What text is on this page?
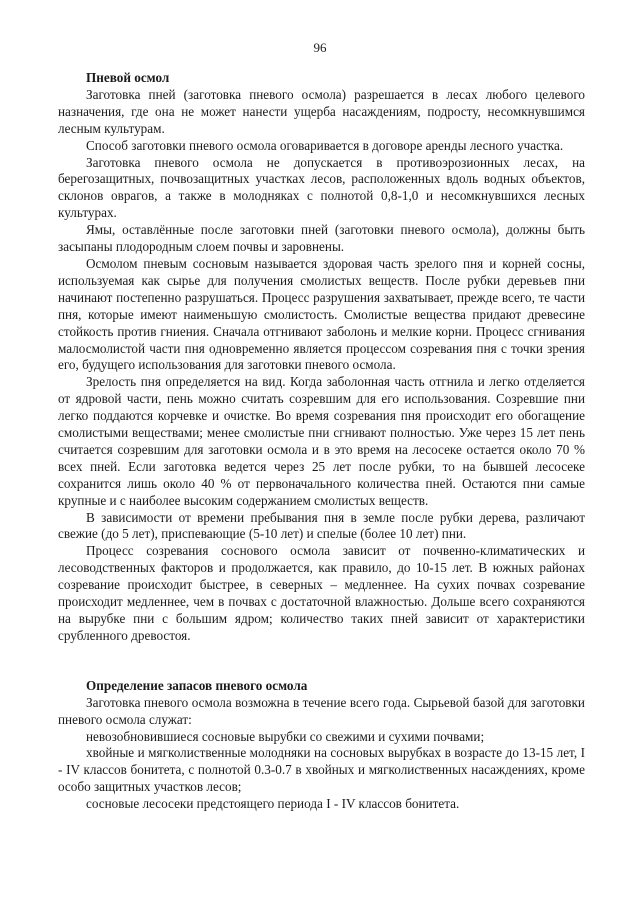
96

Пневой осмол

Заготовка пней (заготовка пневого осмола) разрешается в лесах любого целевого назначения, где она не может нанести ущерба насаждениям, подросту, несомкнувшимся лесным культурам.

Способ заготовки пневого осмола оговаривается в договоре аренды лесного участка.

Заготовка пневого осмола не допускается в противоэрозионных лесах, на берегозащитных, почвозащитных участках лесов, расположенных вдоль водных объектов, склонов оврагов, а также в молодняках с полнотой 0,8-1,0 и несомкнувшихся лесных культурах.

Ямы, оставлённые после заготовки пней (заготовки пневого осмола), должны быть засыпаны плодородным слоем почвы и заровнены.

Осмолом пневым сосновым называется здоровая часть зрелого пня и корней сосны, используемая как сырье для получения смолистых веществ. После рубки деревьев пни начинают постепенно разрушаться. Процесс разрушения захватывает, прежде всего, те части пня, которые имеют наименьшую смолистость. Смолистые вещества придают древесине стойкость против гниения. Сначала отгнивают заболонь и мелкие корни. Процесс сгнивания малосмолистой части пня одновременно является процессом созревания пня с точки зрения его, будущего использования для заготовки пневого осмола.

Зрелость пня определяется на вид. Когда заболонная часть отгнила и легко отделяется от ядровой части, пень можно считать созревшим для его использования. Созревшие пни легко поддаются корчевке и очистке. Во время созревания пня происходит его обогащение смолистыми веществами; менее смолистые пни сгнивают полностью. Уже через 15 лет пень считается созревшим для заготовки осмола и в это время на лесосеке остается около 70 % всех пней. Если заготовка ведется через 25 лет после рубки, то на бывшей лесосеке сохранится лишь около 40 % от первоначального количества пней. Остаются пни самые крупные и с наиболее высоким содержанием смолистых веществ.

В зависимости от времени пребывания пня в земле после рубки дерева, различают свежие (до 5 лет), приспевающие (5-10 лет) и спелые (более 10 лет) пни.

Процесс созревания соснового осмола зависит от почвенно-климатических и лесоводственных факторов и продолжается, как правило, до 10-15 лет. В южных районах созревание происходит быстрее, в северных – медленнее. На сухих почвах созревание происходит медленнее, чем в почвах с достаточной влажностью. Дольше всего сохраняются на вырубке пни с большим ядром; количество таких пней зависит от характеристики срубленного древостоя.

Определение запасов пневого осмола

Заготовка пневого осмола возможна в течение всего года. Сырьевой базой для заготовки пневого осмола служат:

невозобновившиеся сосновые вырубки со свежими и сухими почвами;

хвойные и мягколиственные молодняки на сосновых вырубках в возрасте до 13-15 лет, I - IV классов бонитета, с полнотой 0.3-0.7 в хвойных и мягколиственных насаждениях, кроме особо защитных участков лесов;

сосновые лесосеки предстоящего периода I - IV классов бонитета.
